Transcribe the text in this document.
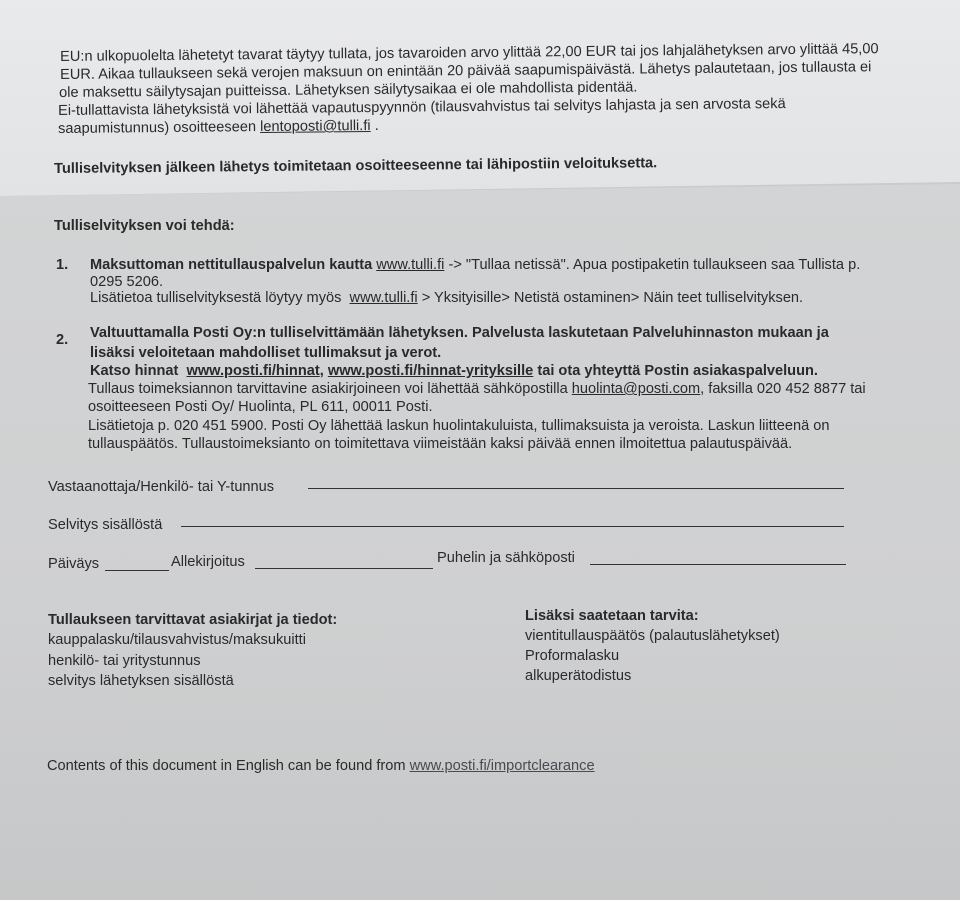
EU:n ulkopuolelta lähetetyt tavarat täytyy tullata, jos tavaroiden arvo ylittää 22,00 EUR tai jos lahjalähetyksen arvo ylittää 45,00
EUR. Aikaa tullaukseen sekä verojen maksuun on enintään 20 päivää saapumispäivästä. Lähetys palautetaan, jos tullausta ei
ole maksettu säilytysajan puitteissa. Lähetyksen säilytysaikaa ei ole mahdollista pidentää.
Ei-tullattavista lähetyksistä voi lähettää vapautuspyynnön (tilausvahvistus tai selvitys lahjasta ja sen arvosta sekä
saapumistunnus) osoitteeseen lentoposti@tulli.fi .
Tulliselvityksen jälkeen lähetys toimitetaan osoitteeseenne tai lähipostiin veloituksetta.
Tulliselvityksen voi tehdä:
1. Maksuttoman nettitullauspalvelun kautta www.tulli.fi -> "Tullaa netissä". Apua postipaketin tullaukseen saa Tullista p.
0295 5206.
Lisätietoa tulliselvityksestä löytyy myös www.tulli.fi > Yksityisille> Netistä ostaminen> Näin teet tulliselvityksen.
2. Valtuuttamalla Posti Oy:n tulliselvittämään lähetyksen. Palvelusta laskutetaan Palveluhinnaston mukaan ja
lisäksi veloitetaan mahdolliset tullimaksut ja verot.
Katso hinnat www.posti.fi/hinnat, www.posti.fi/hinnat-yrityksille tai ota yhteyttä Postin asiakaspalveluun.
Tullaus toimeksiannon tarvittavine asiakirjoineen voi lähettää sähköpostilla huolinta@posti.com, faksilla 020 452 8877 tai
osoitteeseen Posti Oy/ Huolinta, PL 611, 00011 Posti.
Lisätietoja p. 020 451 5900. Posti Oy lähettää laskun huolintakuluista, tullimaksuista ja veroista. Laskun liitteenä on
tullauspäätös. Tullaustoimeksianto on toimitettava viimeistään kaksi päivää ennen ilmoitettua palautuspäivää.
Vastaanottaja/Henkilö- tai Y-tunnus
Selvitys sisällöstä
Päiväys	Allekirjoitus	Puhelin ja sähköposti
Tullaukseen tarvittavat asiakirjat ja tiedot:
kauppalasku/tilausvahvistus/maksukuitti
henkilö- tai yritystunnus
selvitys lähetyksen sisällöstä
Lisäksi saatetaan tarvita:
vientitullauspäätös (palautuslähetykset)
Proformalasku
alkuperätodistus
Contents of this document in English can be found from www.posti.fi/importclearance
